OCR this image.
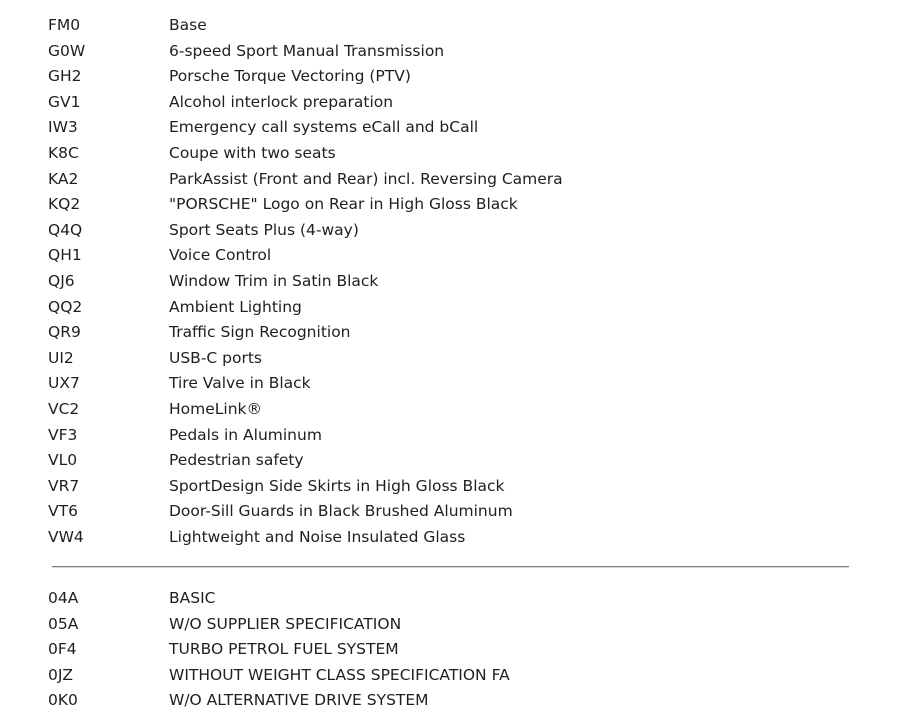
FM0	Base
G0W	6-speed Sport Manual Transmission
GH2	Porsche Torque Vectoring (PTV)
GV1	Alcohol interlock preparation
IW3	Emergency call systems eCall and bCall
K8C	Coupe with two seats
KA2	ParkAssist (Front and Rear) incl. Reversing Camera
KQ2	"PORSCHE" Logo on Rear in High Gloss Black
Q4Q	Sport Seats Plus (4-way)
QH1	Voice Control
QJ6	Window Trim in Satin Black
QQ2	Ambient Lighting
QR9	Traffic Sign Recognition
UI2	USB-C ports
UX7	Tire Valve in Black
VC2	HomeLink®
VF3	Pedals in Aluminum
VL0	Pedestrian safety
VR7	SportDesign Side Skirts in High Gloss Black
VT6	Door-Sill Guards in Black Brushed Aluminum
VW4	Lightweight and Noise Insulated Glass
04A	BASIC
05A	W/O SUPPLIER SPECIFICATION
0F4	TURBO PETROL FUEL SYSTEM
0JZ	WITHOUT WEIGHT CLASS SPECIFICATION FA
0K0	W/O ALTERNATIVE DRIVE SYSTEM
